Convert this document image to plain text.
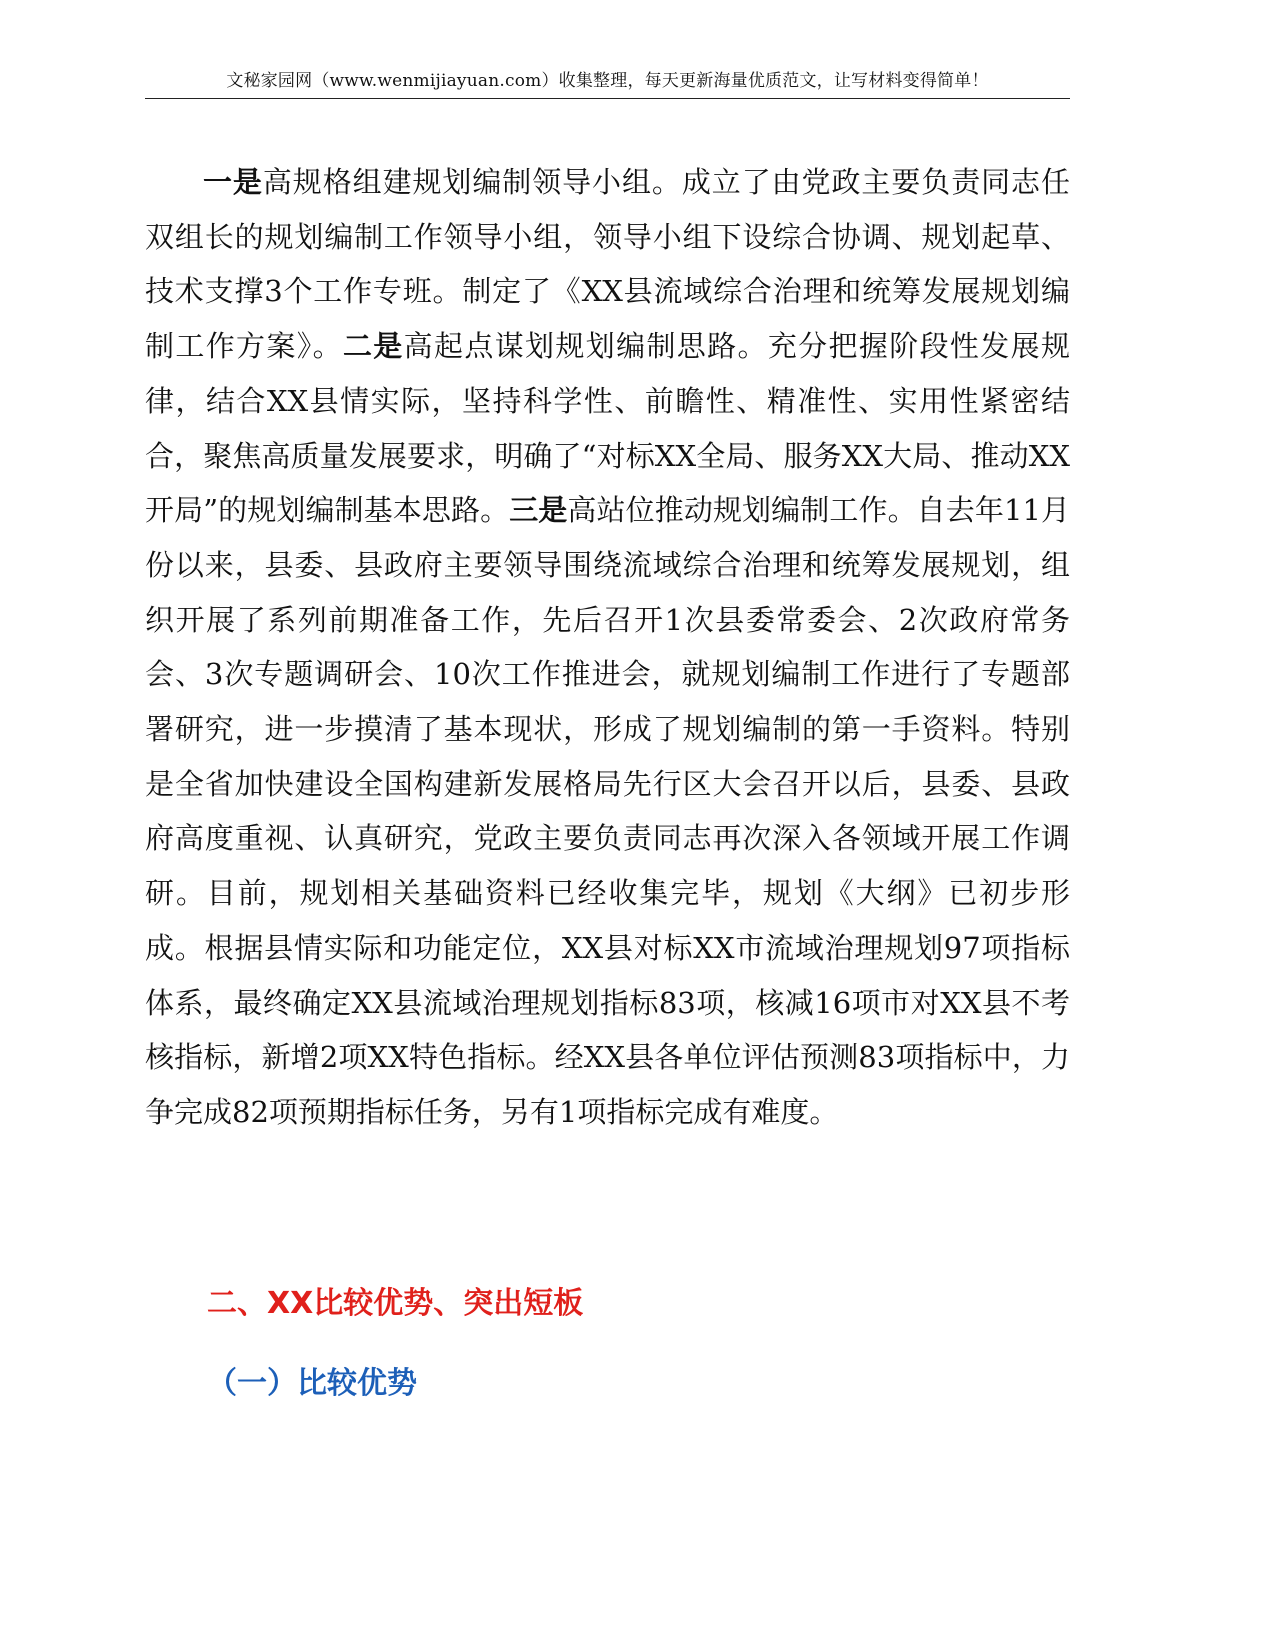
文秘家园网（www.wenmijiayuan.com）收集整理，每天更新海量优质范文，让写材料变得简单！

一是高规格组建规划编制领导小组。成立了由党政主要负责同志任双组长的规划编制工作领导小组，领导小组下设综合协调、规划起草、技术支撑3个工作专班。制定了《XX县流域综合治理和统筹发展规划编制工作方案》。二是高起点谋划规划编制思路。充分把握阶段性发展规律，结合XX县情实际，坚持科学性、前瞻性、精准性、实用性紧密结合，聚焦高质量发展要求，明确了“对标XX全局、服务XX大局、推动XX开局”的规划编制基本思路。三是高站位推动规划编制工作。自去年11月份以来，县委、县政府主要领导围绕流域综合治理和统筹发展规划，组织开展了系列前期准备工作，先后召开1次县委常委会、2次政府常务会、3次专题调研会、10次工作推进会，就规划编制工作进行了专题部署研究，进一步摸清了基本现状，形成了规划编制的第一手资料。特别是全省加快建设全国构建新发展格局先行区大会召开以后，县委、县政府高度重视、认真研究，党政主要负责同志再次深入各领域开展工作调研。目前，规划相关基础资料已经收集完毕，规划《大纲》已初步形成。根据县情实际和功能定位，XX县对标XX市流域治理规划97项指标体系，最终确定XX县流域治理规划指标83项，核减16项市对XX县不考核指标，新增2项XX特色指标。经XX县各单位评估预测83项指标中，力争完成82项预期指标任务，另有1项指标完成有难度。

二、XX比较优势、突出短板
（一）比较优势
